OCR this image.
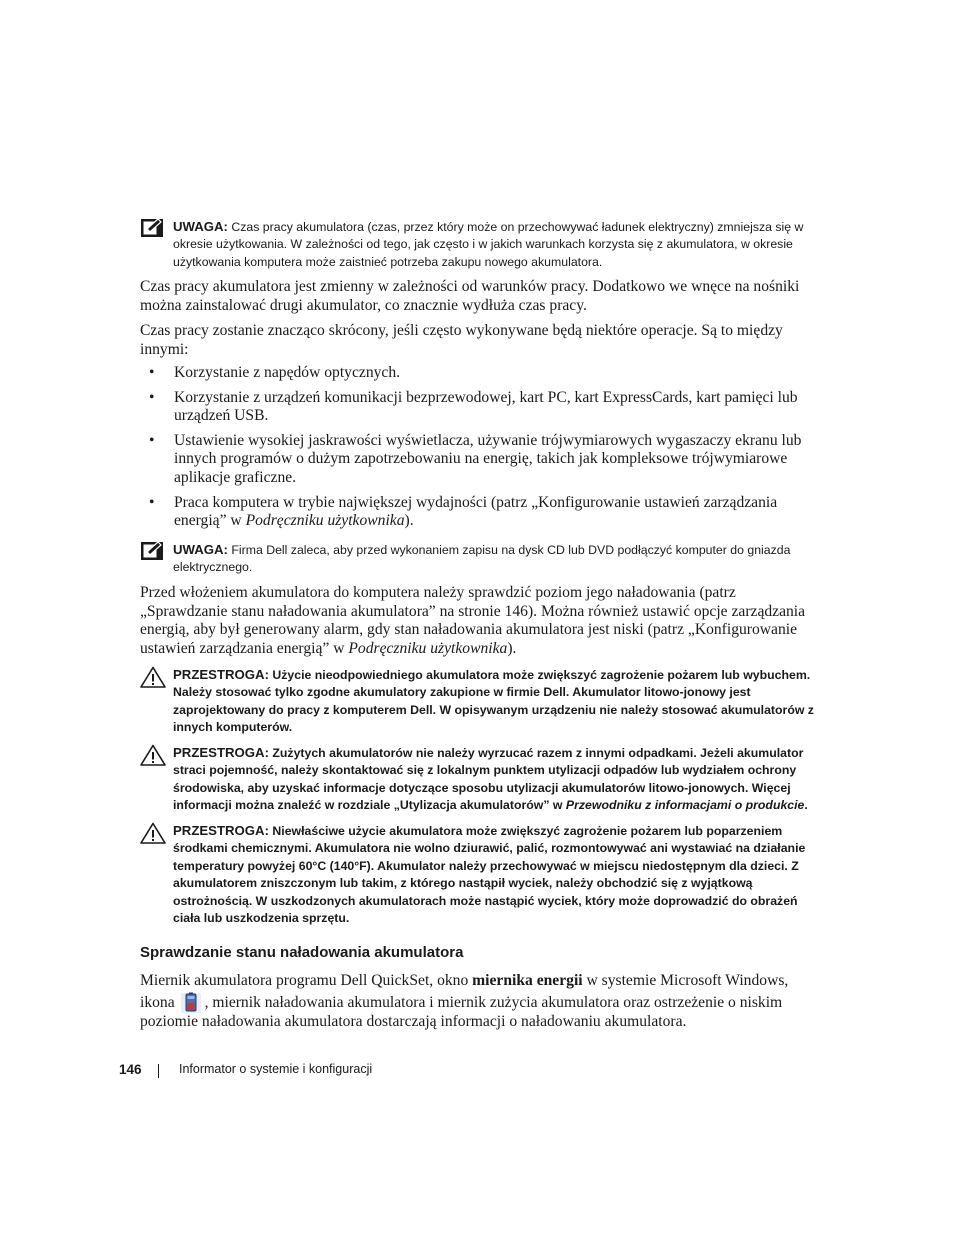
UWAGA: Czas pracy akumulatora (czas, przez który może on przechowywać ładunek elektryczny) zmniejsza się w okresie użytkowania. W zależności od tego, jak często i w jakich warunkach korzysta się z akumulatora, w okresie użytkowania komputera może zaistnieć potrzeba zakupu nowego akumulatora.
Czas pracy akumulatora jest zmienny w zależności od warunków pracy. Dodatkowo we wnęce na nośniki można zainstalować drugi akumulator, co znacznie wydłuża czas pracy.
Czas pracy zostanie znacząco skrócony, jeśli często wykonywane będą niektóre operacje. Są to między innymi:
• Korzystanie z napędów optycznych.
• Korzystanie z urządzeń komunikacji bezprzewodowej, kart PC, kart ExpressCards, kart pamięci lub urządzeń USB.
• Ustawienie wysokiej jaskrawości wyświetlacza, używanie trójwymiarowych wygaszaczy ekranu lub innych programów o dużym zapotrzebowaniu na energię, takich jak kompleksowe trójwymiarowe aplikacje graficzne.
• Praca komputera w trybie największej wydajności (patrz „Konfigurowanie ustawień zarządzania energią” w Podręczniku użytkownika).
UWAGA: Firma Dell zaleca, aby przed wykonaniem zapisu na dysk CD lub DVD podłączyć komputer do gniazda elektrycznego.
Przed włożeniem akumulatora do komputera należy sprawdzić poziom jego naładowania (patrz „Sprawdzanie stanu naładowania akumulatora” na stronie 146). Można również ustawić opcje zarządzania energią, aby był generowany alarm, gdy stan naładowania akumulatora jest niski (patrz „Konfigurowanie ustawień zarządzania energią” w Podręczniku użytkownika).
PRZESTROGA: Użycie nieodpowiedniego akumulatora może zwiększyć zagrożenie pożarem lub wybuchem. Należy stosować tylko zgodne akumulatory zakupione w firmie Dell. Akumulator litowo-jonowy jest zaprojektowany do pracy z komputerem Dell. W opisywanym urządzeniu nie należy stosować akumulatorów z innych komputerów.
PRZESTROGA: Zużytych akumulatorów nie należy wyrzucać razem z innymi odpadkami. Jeżeli akumulator straci pojemność, należy skontaktować się z lokalnym punktem utylizacji odpadów lub wydziałem ochrony środowiska, aby uzyskać informacje dotyczące sposobu utylizacji akumulatorów litowo-jonowych. Więcej informacji można znaleźć w rozdziale „Utylizacja akumulatorów” w Przewodniku z informacjami o produkcie.
PRZESTROGA: Niewłaściwe użycie akumulatora może zwiększyć zagrożenie pożarem lub poparzeniem środkami chemicznymi. Akumulatora nie wolno dziurawić, palić, rozmontowywać ani wystawiać na działanie temperatury powyżej 60°C (140°F). Akumulator należy przechowywać w miejscu niedostępnym dla dzieci. Z akumulatorem zniszczonym lub takim, z którego nastąpił wyciek, należy obchodzić się z wyjątkową ostrożnością. W uszkodzonych akumulatorach może nastąpić wyciek, który może doprowadzić do obrażeń ciała lub uszkodzenia sprzętu.
Sprawdzanie stanu naładowania akumulatora
Miernik akumulatora programu Dell QuickSet, okno miernika energii w systemie Microsoft Windows, ikona , miernik naładowania akumulatora i miernik zużycia akumulatora oraz ostrzeżenie o niskim poziomie naładowania akumulatora dostarczają informacji o naładowaniu akumulatora.
146	Informator o systemie i konfiguracji
